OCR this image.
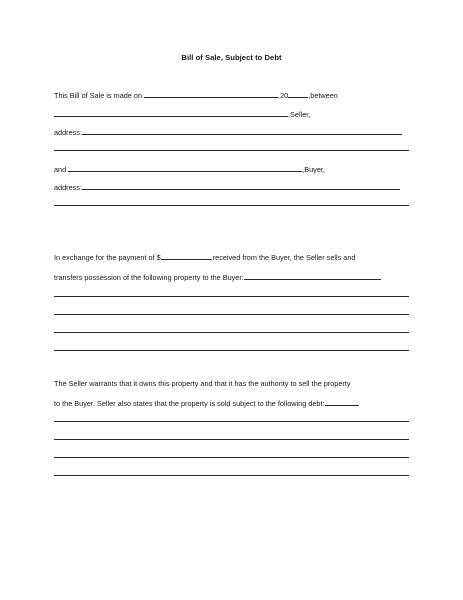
Bill of Sale, Subject to Debt
This Bill of Sale is made on	,20	,between
,Seller,
address:
and	,Buyer,
address:
In exchange for the payment of $	,received from the Buyer, the Seller sells and
transfers possession of the following property to the Buyer:
The Seller warrants that it owns this property and that it has the authority to sell the property
to the Buyer. Seller also states that the property is sold subject to the following debt:
